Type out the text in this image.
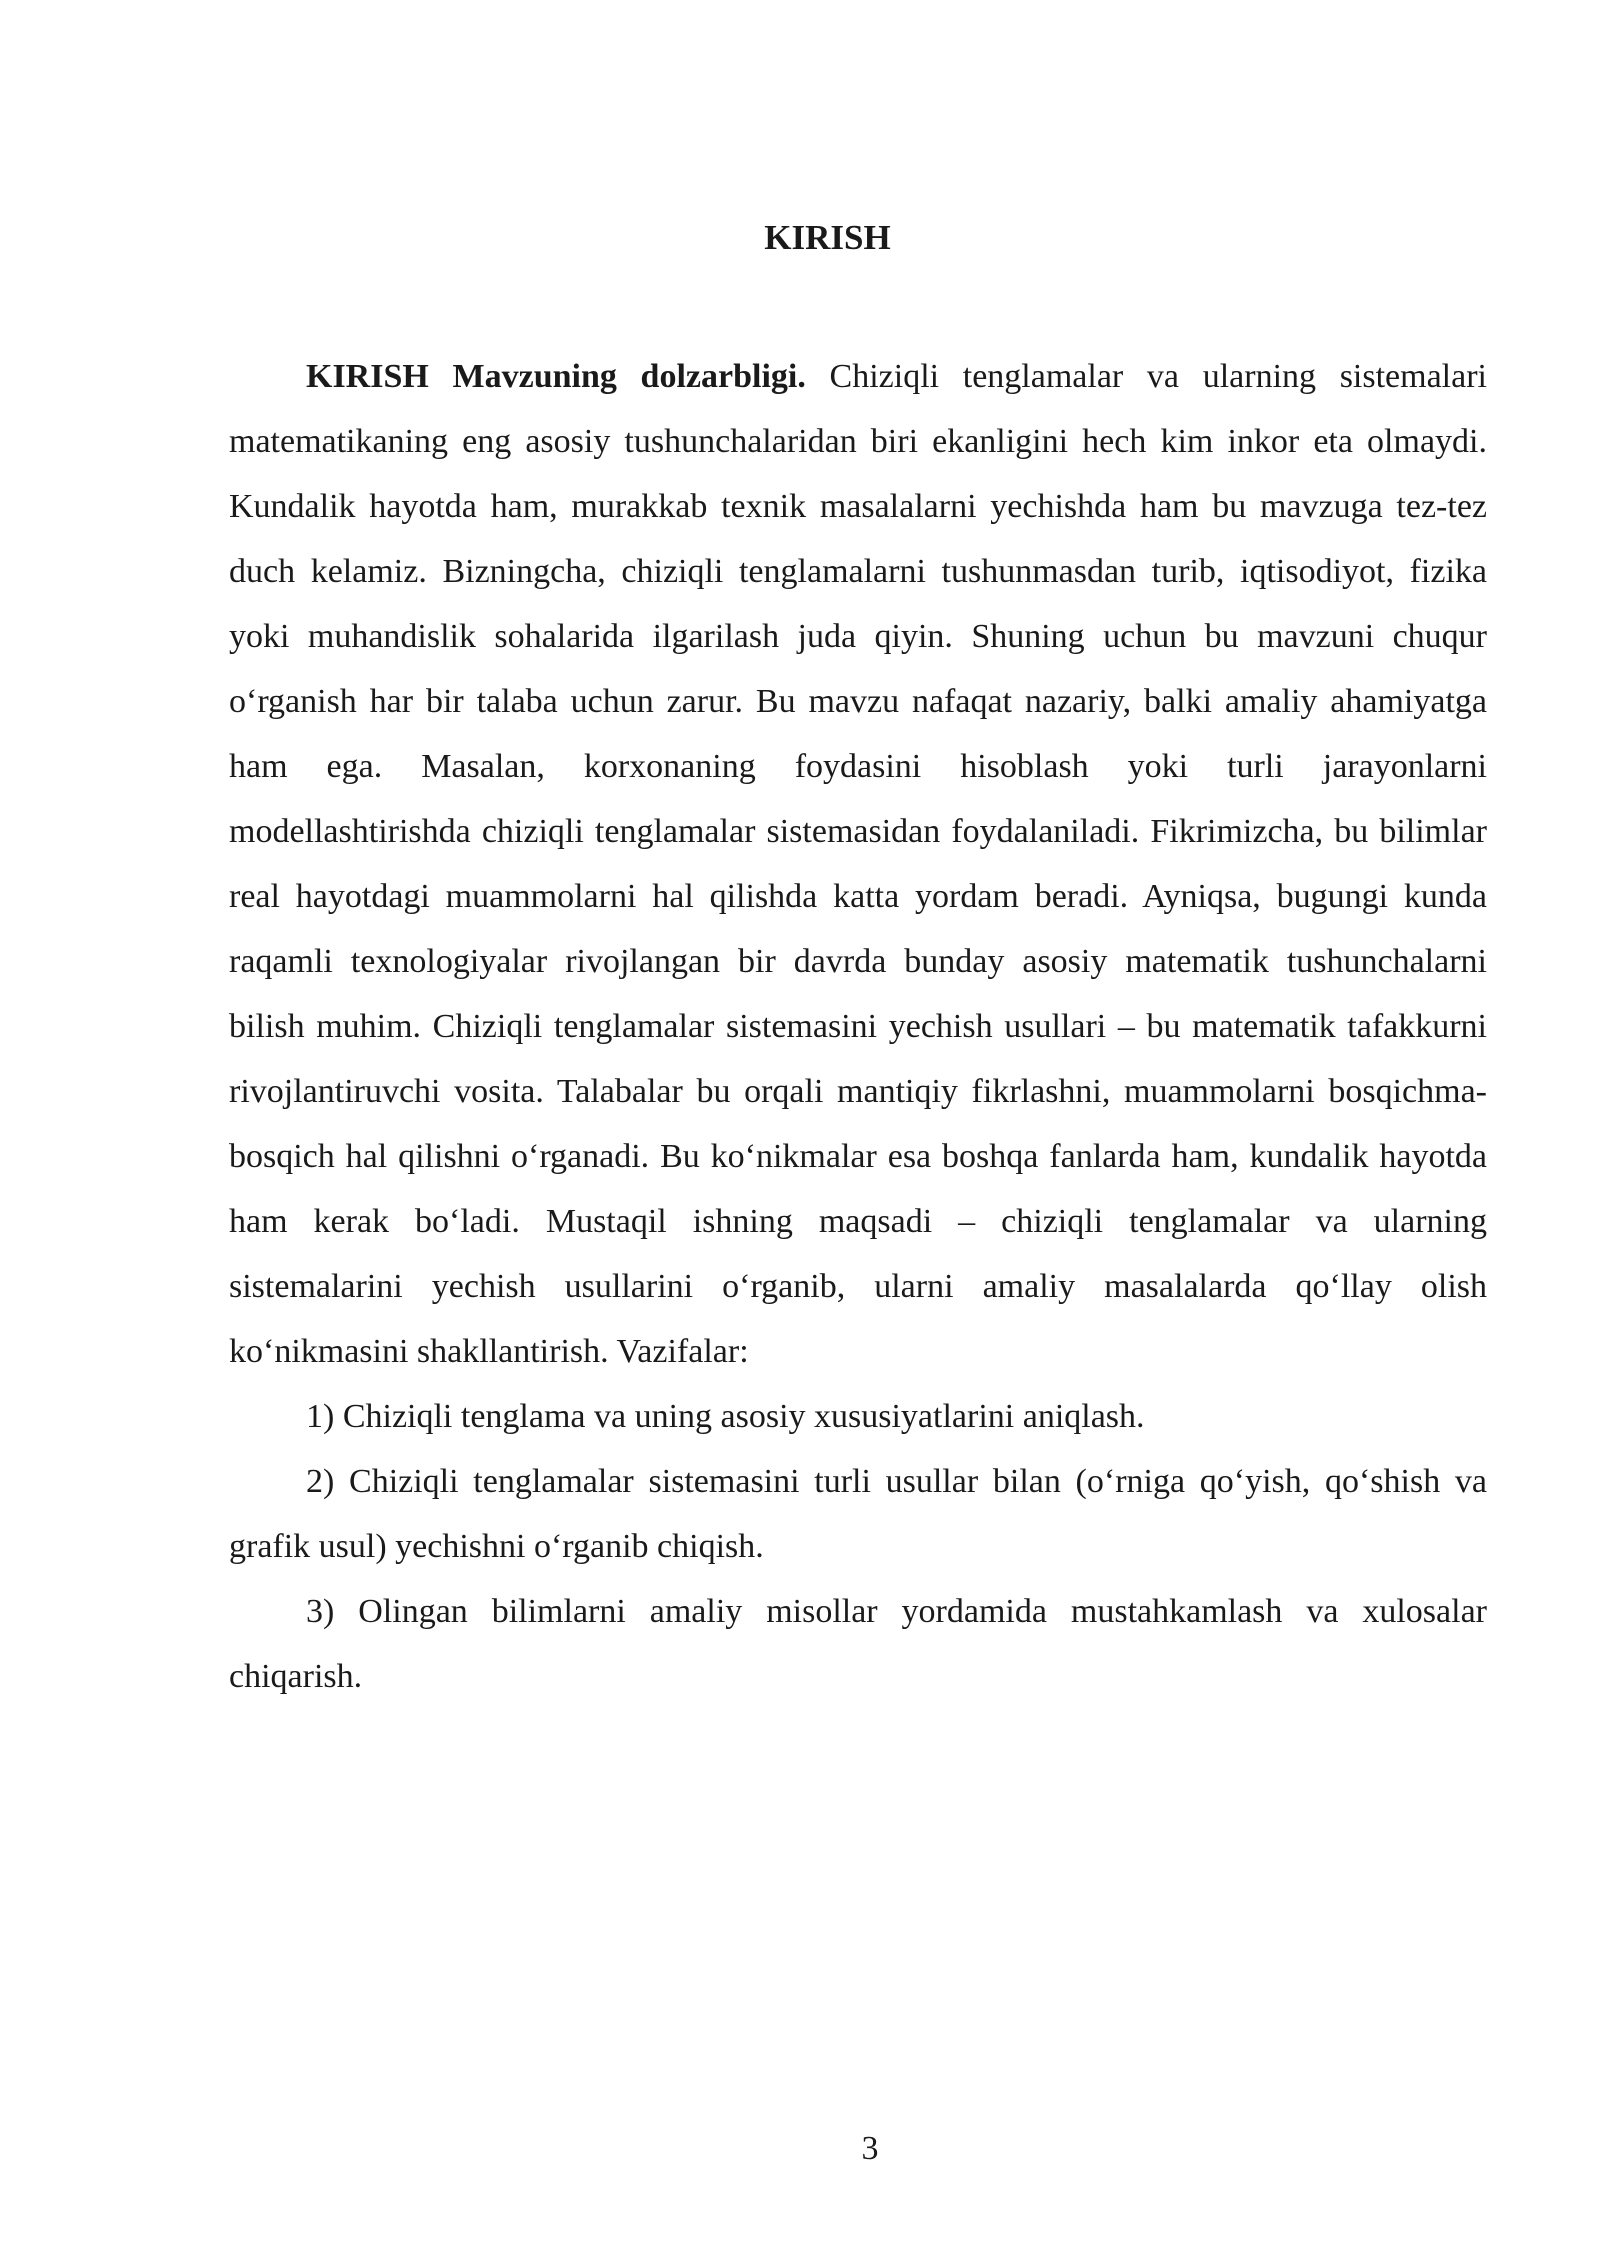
KIRISH

KIRISH Mavzuning dolzarbligi. Chiziqli tenglamalar va ularning sistemalari matematikaning eng asosiy tushunchalaridan biri ekanligini hech kim inkor eta olmaydi. Kundalik hayotda ham, murakkab texnik masalalarni yechishda ham bu mavzuga tez-tez duch kelamiz. Bizningcha, chiziqli tenglamalarni tushunmasdan turib, iqtisodiyot, fizika yoki muhandislik sohalarida ilgarilash juda qiyin. Shuning uchun bu mavzuni chuqur o‘rganish har bir talaba uchun zarur. Bu mavzu nafaqat nazariy, balki amaliy ahamiyatga ham ega. Masalan, korxonaning foydasini hisoblash yoki turli jarayonlarni modellashtirishda chiziqli tenglamalar sistemasidan foydalaniladi. Fikrimizcha, bu bilimlar real hayotdagi muammolarni hal qilishda katta yordam beradi. Ayniqsa, bugungi kunda raqamli texnologiyalar rivojlangan bir davrda bunday asosiy matematik tushunchalarni bilish muhim. Chiziqli tenglamalar sistemasini yechish usullari – bu matematik tafakkurni rivojlantiruvchi vosita. Talabalar bu orqali mantiqiy fikrlashni, muammolarni bosqichma-bosqich hal qilishni o‘rganadi. Bu ko‘nikmalar esa boshqa fanlarda ham, kundalik hayotda ham kerak bo‘ladi. Mustaqil ishning maqsadi – chiziqli tenglamalar va ularning sistemalarini yechish usullarini o‘rganib, ularni amaliy masalalarda qo‘llay olish ko‘nikmasini shakllantirish. Vazifalar:

1) Chiziqli tenglama va uning asosiy xususiyatlarini aniqlash.

2) Chiziqli tenglamalar sistemasini turli usullar bilan (o‘rniga qo‘yish, qo‘shish va grafik usul) yechishni o‘rganib chiqish.

3) Olingan bilimlarni amaliy misollar yordamida mustahkamlash va xulosalar chiqarish.

3
